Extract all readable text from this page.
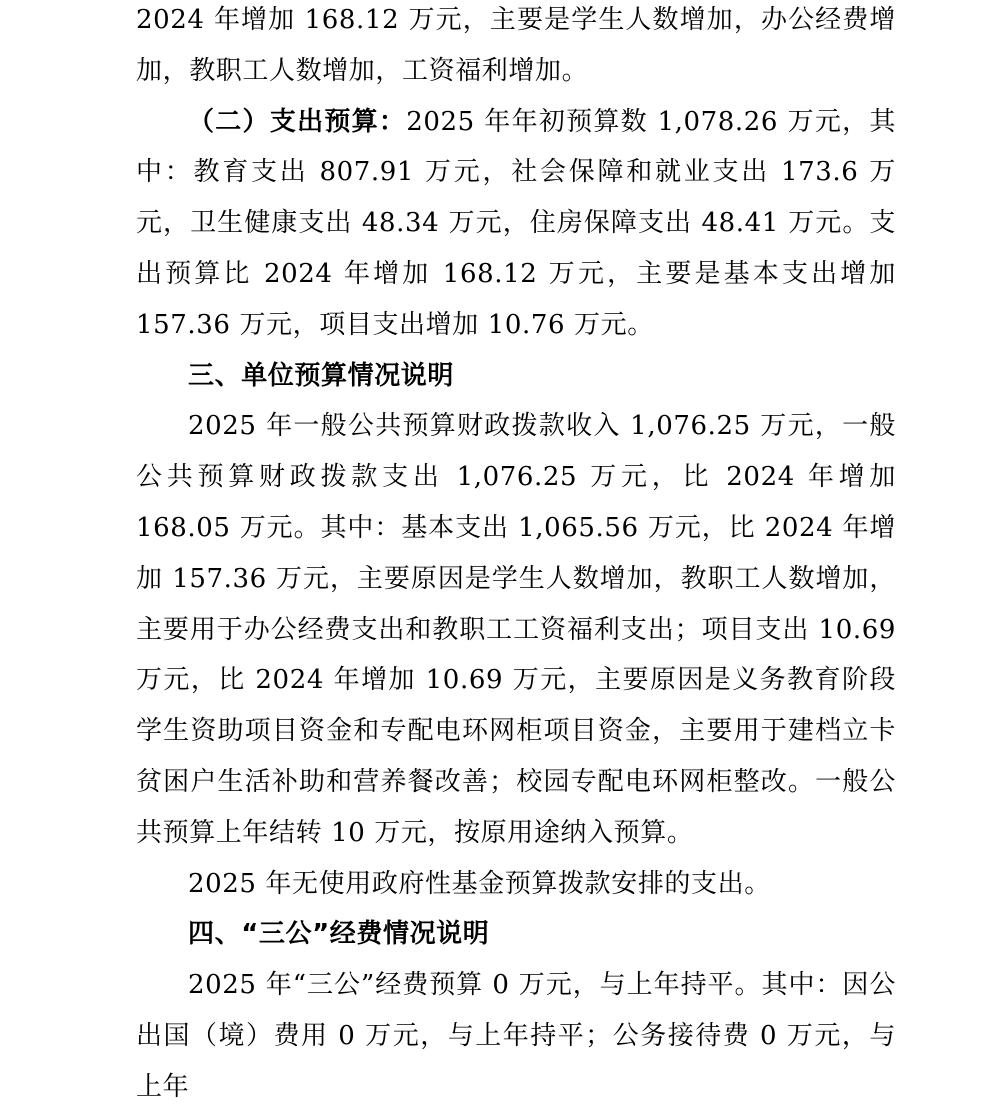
2024 年增加 168.12 万元，主要是学生人数增加，办公经费增加，教职工人数增加，工资福利增加。

（二）支出预算：2025 年年初预算数 1,078.26 万元，其中：教育支出 807.91 万元，社会保障和就业支出 173.6 万元，卫生健康支出 48.34 万元，住房保障支出 48.41 万元。支出预算比 2024 年增加 168.12 万元，主要是基本支出增加 157.36 万元，项目支出增加 10.76 万元。

三、单位预算情况说明

2025 年一般公共预算财政拨款收入 1,076.25 万元，一般公共预算财政拨款支出 1,076.25 万元，比 2024 年增加 168.05 万元。其中：基本支出 1,065.56 万元，比 2024 年增加 157.36 万元，主要原因是学生人数增加，教职工人数增加，主要用于办公经费支出和教职工工资福利支出；项目支出 10.69 万元，比 2024 年增加 10.69 万元，主要原因是义务教育阶段学生资助项目资金和专配电环网柜项目资金，主要用于建档立卡贫困户生活补助和营养餐改善；校园专配电环网柜整改。一般公共预算上年结转 10 万元，按原用途纳入预算。

2025 年无使用政府性基金预算拨款安排的支出。

四、“三公”经费情况说明

2025 年“三公”经费预算 0 万元，与上年持平。其中：因公出国（境）费用 0 万元，与上年持平；公务接待费 0 万元，与上年
